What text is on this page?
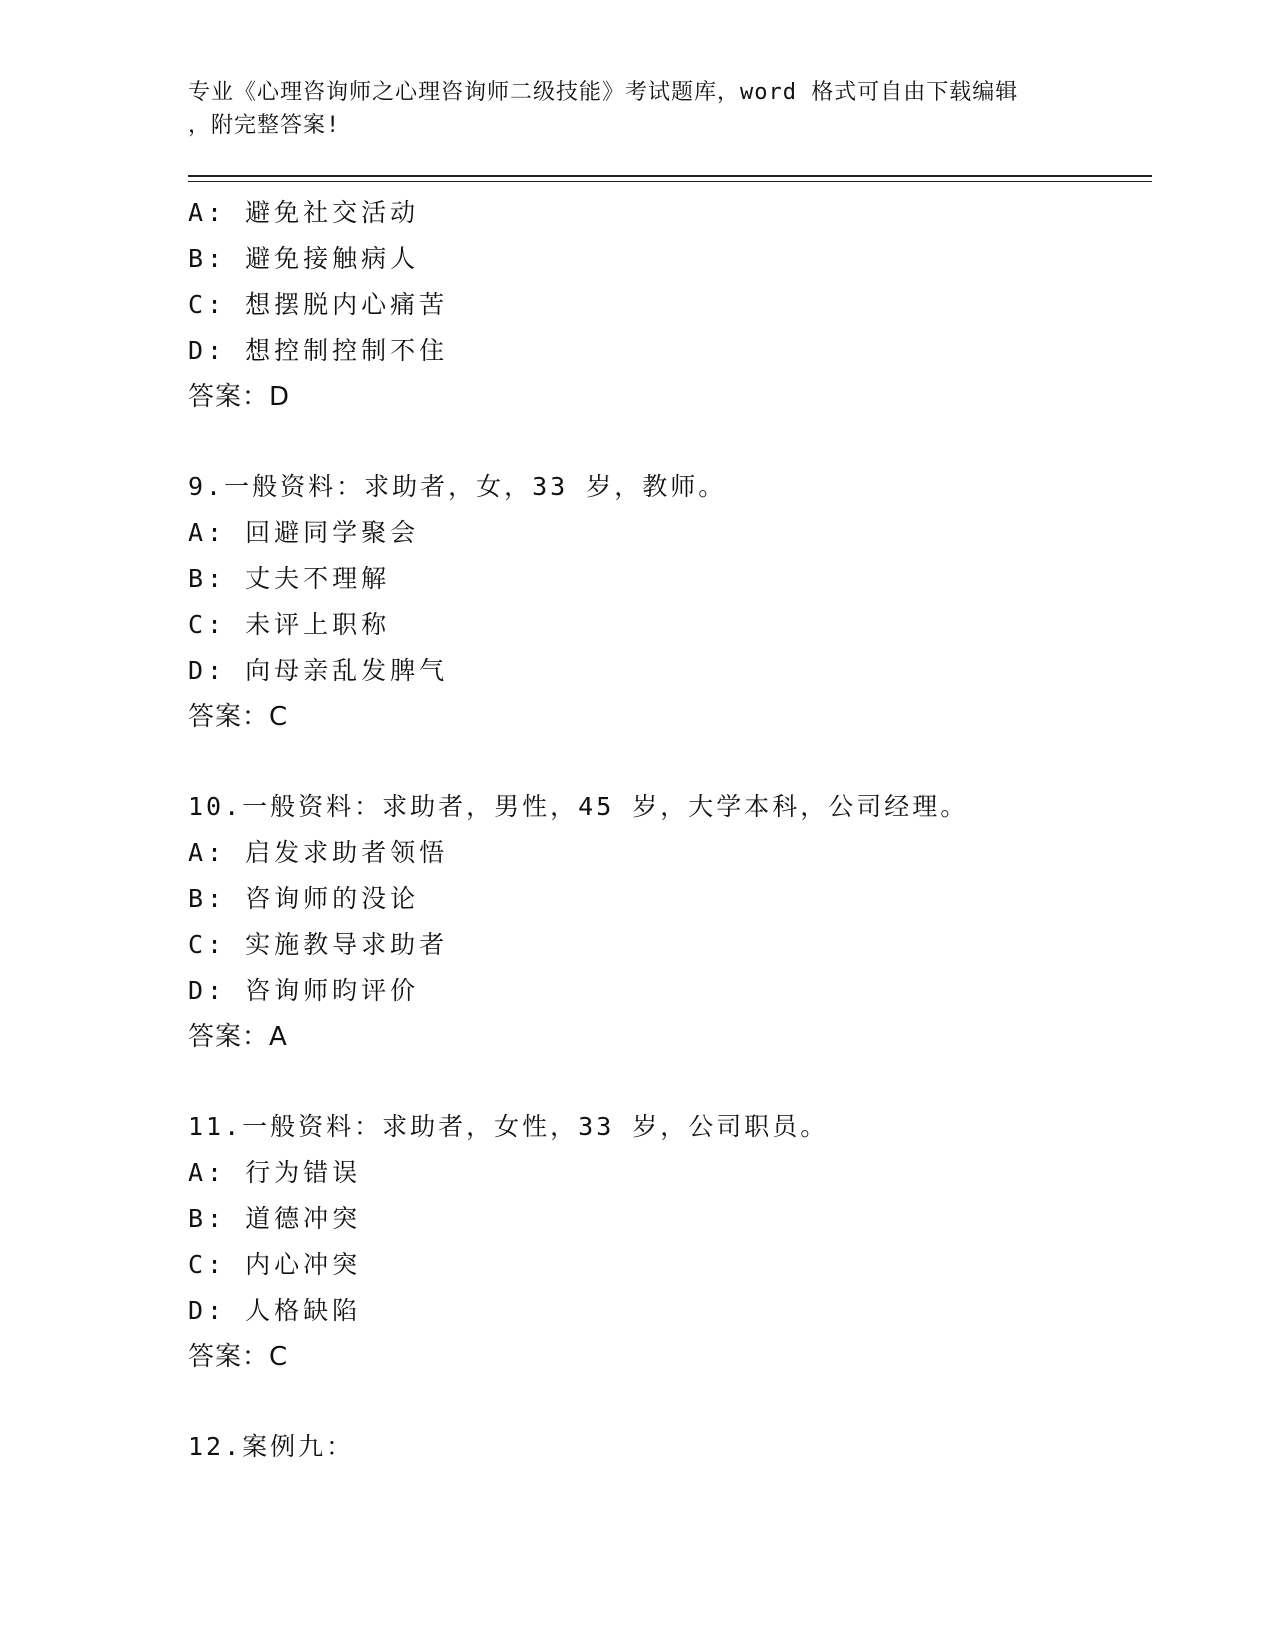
专业《心理咨询师之心理咨询师二级技能》考试题库，word 格式可自由下载编辑

，附完整答案!

A: 避免社交活动
B: 避免接触病人
C: 想摆脱内心痛苦
D: 想控制控制不住
答案：D
9.一般资料：求助者，女，33 岁，教师。
A: 回避同学聚会
B: 丈夫不理解
C: 未评上职称
D: 向母亲乱发脾气
答案：C
10.一般资料：求助者，男性，45 岁，大学本科，公司经理。
A: 启发求助者领悟
B: 咨询师的没论
C: 实施教导求助者
D: 咨询师昀评价
答案：A
11.一般资料：求助者，女性，33 岁，公司职员。
A: 行为错误
B: 道德冲突
C: 内心冲突
D: 人格缺陷
答案：C
12.案例九：
